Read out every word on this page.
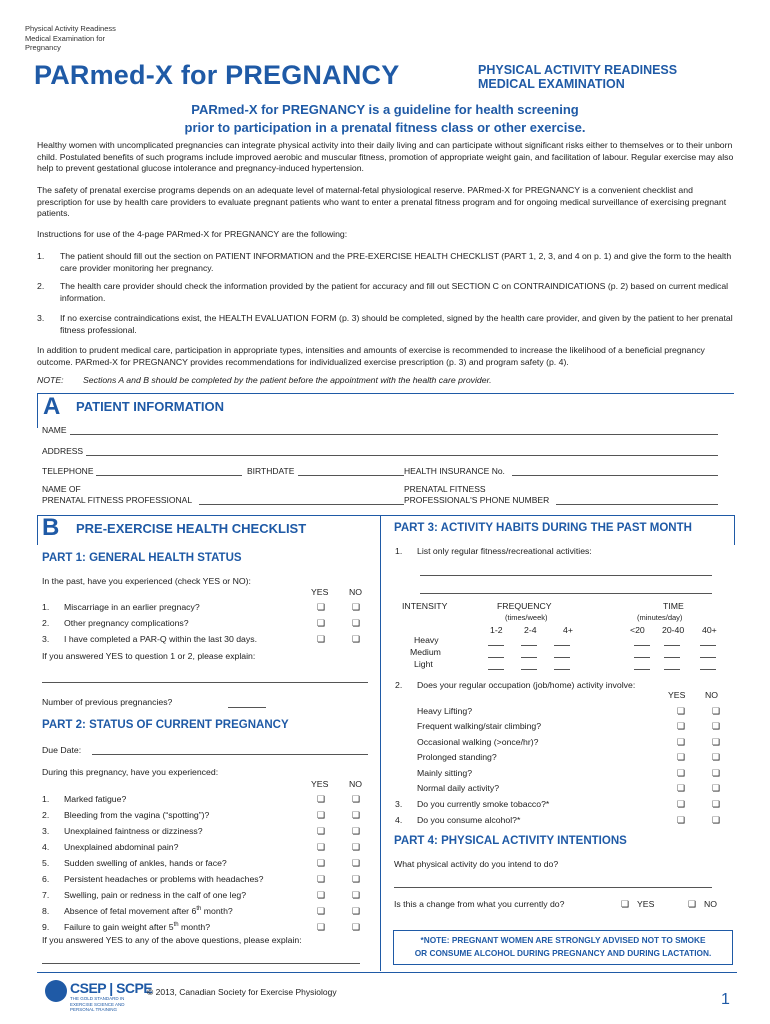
Physical Activity Readiness
Medical Examination for
Pregnancy
PARmed-X for PREGNANCY	PHYSICAL ACTIVITY READINESS
MEDICAL EXAMINATION
PARmed-X for PREGNANCY is a guideline for health screening
prior to participation in a prenatal fitness class or other exercise.
Healthy women with uncomplicated pregnancies can integrate physical activity into their daily living and can participate without significant risks either to themselves or to their unborn child. Postulated benefits of such programs include improved aerobic and muscular fitness, promotion of appropriate weight gain, and facilitation of labour. Regular exercise may also help to prevent gestational glucose intolerance and pregnancy-induced hypertension.
The safety of prenatal exercise programs depends on an adequate level of maternal-fetal physiological reserve. PARmed-X for PREGNANCY is a convenient checklist and prescription for use by health care providers to evaluate pregnant patients who want to enter a prenatal fitness program and for ongoing medical surveillance of exercising pregnant patients.
Instructions for use of the 4-page PARmed-X for PREGNANCY are the following:
1. The patient should fill out the section on PATIENT INFORMATION and the PRE-EXERCISE HEALTH CHECKLIST (PART 1, 2, 3, and 4 on p. 1) and give the form to the health care provider monitoring her pregnancy.
2. The health care provider should check the information provided by the patient for accuracy and fill out SECTION C on CONTRAINDICATIONS (p. 2) based on current medical information.
3. If no exercise contraindications exist, the HEALTH EVALUATION FORM (p. 3) should be completed, signed by the health care provider, and given by the patient to her prenatal fitness professional.
In addition to prudent medical care, participation in appropriate types, intensities and amounts of exercise is recommended to increase the likelihood of a beneficial pregnancy outcome. PARmed-X for PREGNANCY provides recommendations for individualized exercise prescription (p. 3) and program safety (p. 4).
NOTE: Sections A and B should be completed by the patient before the appointment with the health care provider.
A PATIENT INFORMATION
NAME
ADDRESS
TELEPHONE	BIRTHDATE	HEALTH INSURANCE No.
NAME OF
PRENATAL FITNESS PROFESSIONAL
PRENATAL FITNESS
PROFESSIONAL'S PHONE NUMBER
B PRE-EXERCISE HEALTH CHECKLIST
PART 1: GENERAL HEALTH STATUS
In the past, have you experienced (check YES or NO):
YES NO
If you answered YES to question 1 or 2, please explain:
Number of previous pregnancies?
PART 2: STATUS OF CURRENT PREGNANCY
Due Date:
During this pregnancy, have you experienced:
YES NO
If you answered YES to any of the above questions, please explain:
PART 3: ACTIVITY HABITS DURING THE PAST MONTH
1. List only regular fitness/recreational activities:
INTENSITY	FREQUENCY
(times/week)
TIME
(minutes/day)
1-2 2-4	4+	<20 20-40 40+
2. Does your regular occupation (job/home) activity involve:
YES NO
3. Do you currently smoke tobacco?*	❏	❏
4. Do you consume alcohol?*	❏	❏
PART 4: PHYSICAL ACTIVITY INTENTIONS
What physical activity do you intend to do?
Is this a change from what you currently do?	❏ YES	❏ NO
*NOTE: PREGNANT WOMEN ARE STRONGLY ADVISED NOT TO SMOKE
OR CONSUME ALCOHOL DURING PREGNANCY AND DURING LACTATION.
CSEP | SCPE
THE GOLD STANDARD IN EXERCISE SCIENCE AND PERSONAL TRAINING
© 2013, Canadian Society for Exercise Physiology	1
1. Miscarriage in an earlier pregnacy?	❏	❏
2. Other pregnancy complications?	❏	❏
3. I have completed a PAR-Q within the last 30 days.	❏	❏
1. Marked fatigue?	❏	❏
2. Bleeding from the vagina (“spotting”)?	❏	❏
3. Unexplained faintness or dizziness?	❏	❏
4. Unexplained abdominal pain?	❏	❏
5. Sudden swelling of ankles, hands or face?	❏	❏
6. Persistent headaches or problems with headaches?	❏	❏
7. Swelling, pain or redness in the calf of one leg?	❏	❏
8. Absence of fetal movement after 6th month?	❏	❏
9. Failure to gain weight after 5th month?	❏	❏
Heavy
Medium
Light
Heavy Lifting?	❏	❏
Frequent walking/stair climbing?	❏	❏
Occasional walking (>once/hr)?	❏	❏
Prolonged standing?	❏	❏
Mainly sitting?	❏	❏
Normal daily activity?	❏	❏
